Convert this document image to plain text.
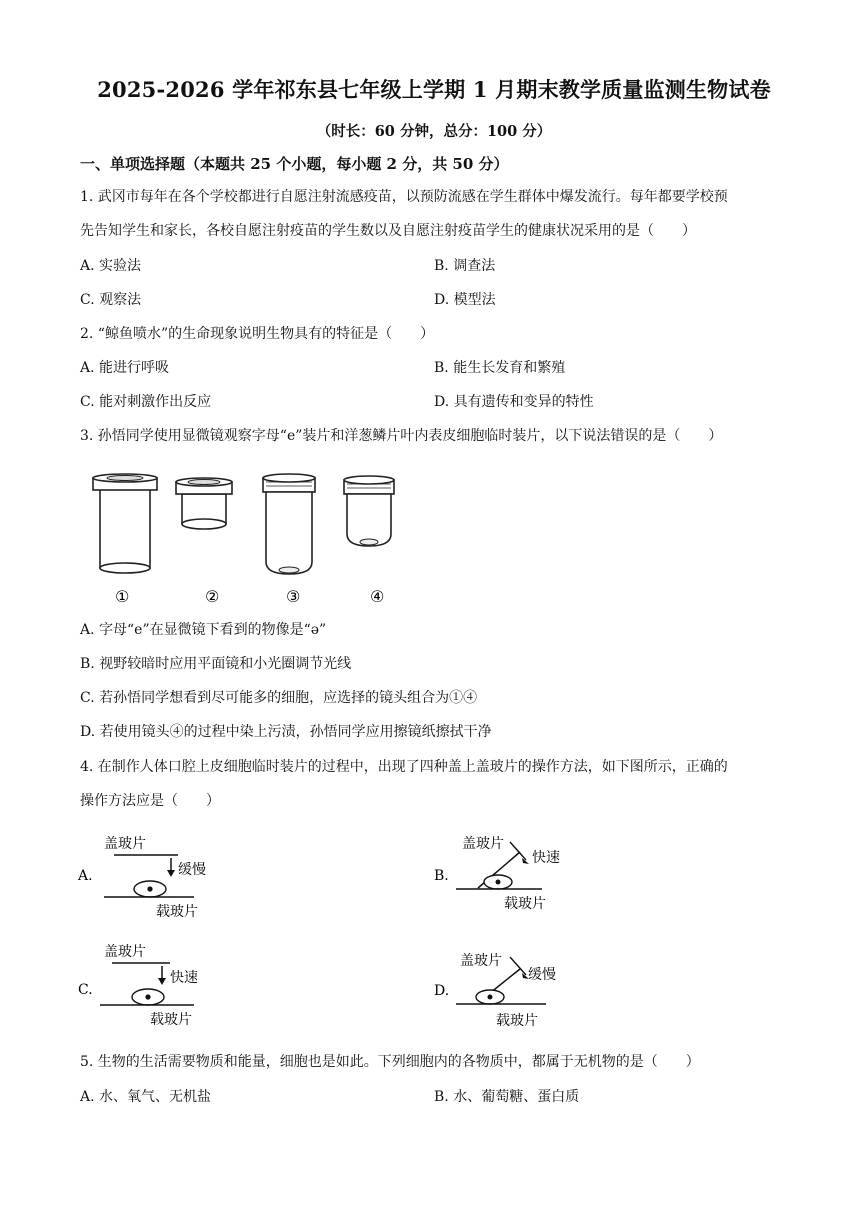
2025-2026 学年祁东县七年级上学期 1 月期末教学质量监测生物试卷
（时长：60 分钟，总分：100 分）
一、单项选择题（本题共 25 个小题，每小题 2 分，共 50 分）
1. 武冈市每年在各个学校都进行自愿注射流感疫苗，以预防流感在学生群体中爆发流行。每年都要学校预
先告知学生和家长，各校自愿注射疫苗的学生数以及自愿注射疫苗学生的健康状况采用的是（　　）
A. 实验法	B. 调查法
C. 观察法	D. 模型法
2. “鲸鱼喷水”的生命现象说明生物具有的特征是（　　）
A. 能进行呼吸	B. 能生长发育和繁殖
C. 能对刺激作出反应	D. 具有遗传和变异的特性
3. 孙悟同学使用显微镜观察字母“e”装片和洋葱鳞片叶内表皮细胞临时装片，以下说法错误的是（　　）
①	②	③	④
A. 字母“e”在显微镜下看到的物像是“ə”
B. 视野较暗时应用平面镜和小光圈调节光线
C. 若孙悟同学想看到尽可能多的细胞，应选择的镜头组合为①④
D. 若使用镜头④的过程中染上污渍，孙悟同学应用擦镜纸擦拭干净
4. 在制作人体口腔上皮细胞临时装片的过程中，出现了四种盖上盖玻片的操作方法，如下图所示，正确的
操作方法应是（　　）
A.
盖玻片
缓慢
载玻片
B.
盖玻片
快速
载玻片
C.
盖玻片
快速
载玻片
D.
盖玻片
缓慢
载玻片
5. 生物的生活需要物质和能量，细胞也是如此。下列细胞内的各物质中，都属于无机物的是（　　）
A. 水、氧气、无机盐	B. 水、葡萄糖、蛋白质
